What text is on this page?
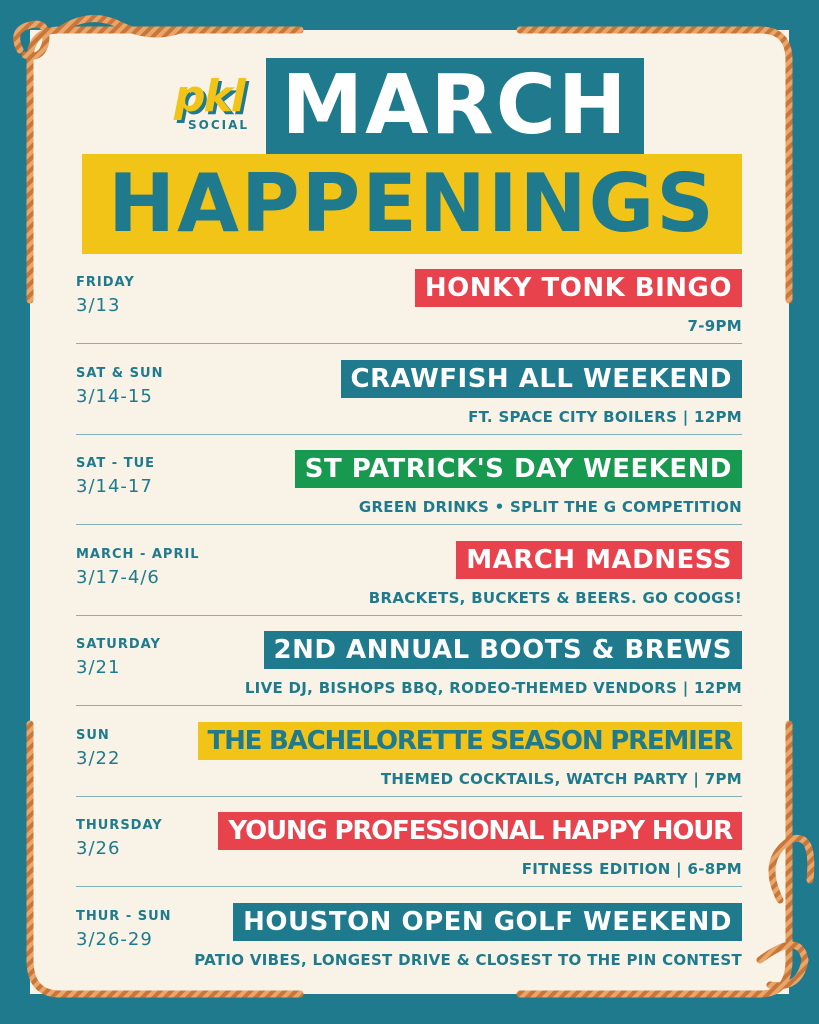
pkl
SOCIAL MARCH
HAPPENINGS
FRIDAY
3/13
HONKY TONK BINGO
7-9PM
SAT & SUN
3/14-15
CRAWFISH ALL WEEKEND
FT. SPACE CITY BOILERS | 12PM
SAT - TUE
3/14-17
ST PATRICK'S DAY WEEKEND
GREEN DRINKS • SPLIT THE G COMPETITION
MARCH - APRIL
3/17-4/6
MARCH MADNESS
BRACKETS, BUCKETS & BEERS. GO COOGS!
SATURDAY
3/21
2ND ANNUAL BOOTS & BREWS
LIVE DJ, BISHOPS BBQ, RODEO-THEMED VENDORS | 12PM
SUN
3/22
THE BACHELORETTE SEASON PREMIER
THEMED COCKTAILS, WATCH PARTY | 7PM
THURSDAY
3/26
YOUNG PROFESSIONAL HAPPY HOUR
FITNESS EDITION | 6-8PM
THUR - SUN
3/26-29
HOUSTON OPEN GOLF WEEKEND
PATIO VIBES, LONGEST DRIVE & CLOSEST TO THE PIN CONTEST
